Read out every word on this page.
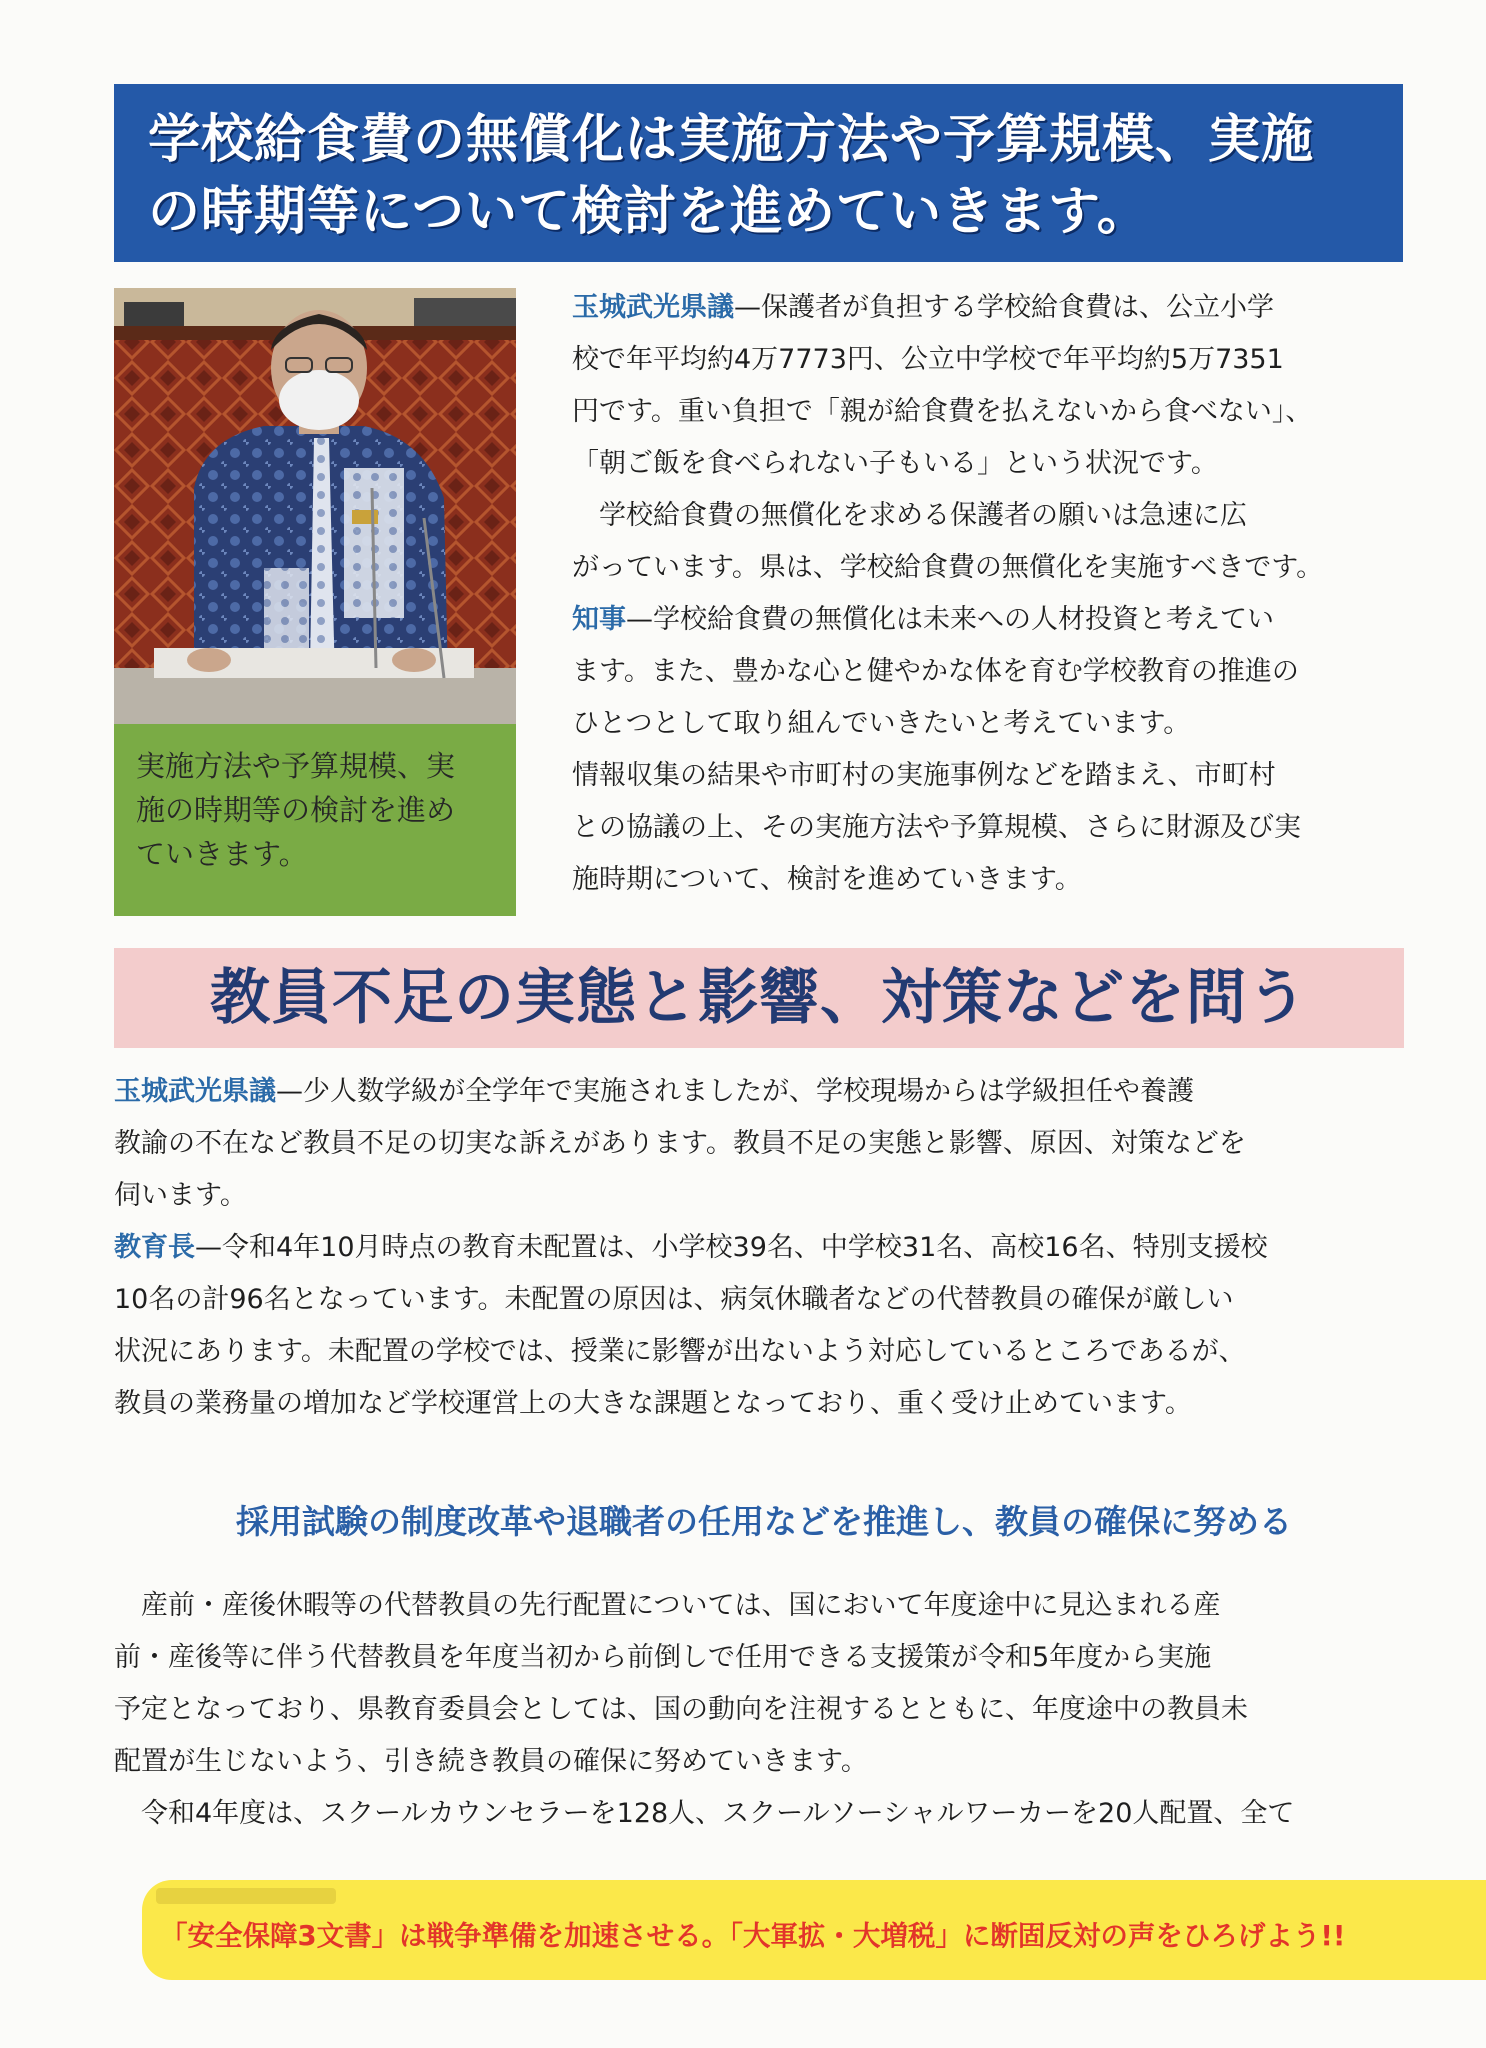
学校給食費の無償化は実施方法や予算規模、実施
の時期等について検討を進めていきます。
実施方法や予算規模、実
施の時期等の検討を進め
ていきます。
玉城武光県議—保護者が負担する学校給食費は、公立小学
校で年平均約4万7773円、公立中学校で年平均約5万7351
円です。重い負担で「親が給食費を払えないから食べない」、
「朝ご飯を食べられない子もいる」という状況です。
学校給食費の無償化を求める保護者の願いは急速に広
がっています。県は、学校給食費の無償化を実施すべきです。
知事—学校給食費の無償化は未来への人材投資と考えてい
ます。また、豊かな心と健やかな体を育む学校教育の推進の
ひとつとして取り組んでいきたいと考えています。
情報収集の結果や市町村の実施事例などを踏まえ、市町村
との協議の上、その実施方法や予算規模、さらに財源及び実
施時期について、検討を進めていきます。
教員不足の実態と影響、対策などを問う
玉城武光県議—少人数学級が全学年で実施されましたが、学校現場からは学級担任や養護
教諭の不在など教員不足の切実な訴えがあります。教員不足の実態と影響、原因、対策などを
伺います。
教育長—令和4年10月時点の教育未配置は、小学校39名、中学校31名、高校16名、特別支援校
10名の計96名となっています。未配置の原因は、病気休職者などの代替教員の確保が厳しい
状況にあります。未配置の学校では、授業に影響が出ないよう対応しているところであるが、
教員の業務量の増加など学校運営上の大きな課題となっており、重く受け止めています。
採用試験の制度改革や退職者の任用などを推進し、教員の確保に努める
産前・産後休暇等の代替教員の先行配置については、国において年度途中に見込まれる産
前・産後等に伴う代替教員を年度当初から前倒しで任用できる支援策が令和5年度から実施
予定となっており、県教育委員会としては、国の動向を注視するとともに、年度途中の教員未
配置が生じないよう、引き続き教員の確保に努めていきます。
令和4年度は、スクールカウンセラーを128人、スクールソーシャルワーカーを20人配置、全て
「安全保障3文書」は戦争準備を加速させる。「大軍拡・大増税」に断固反対の声をひろげよう!!
